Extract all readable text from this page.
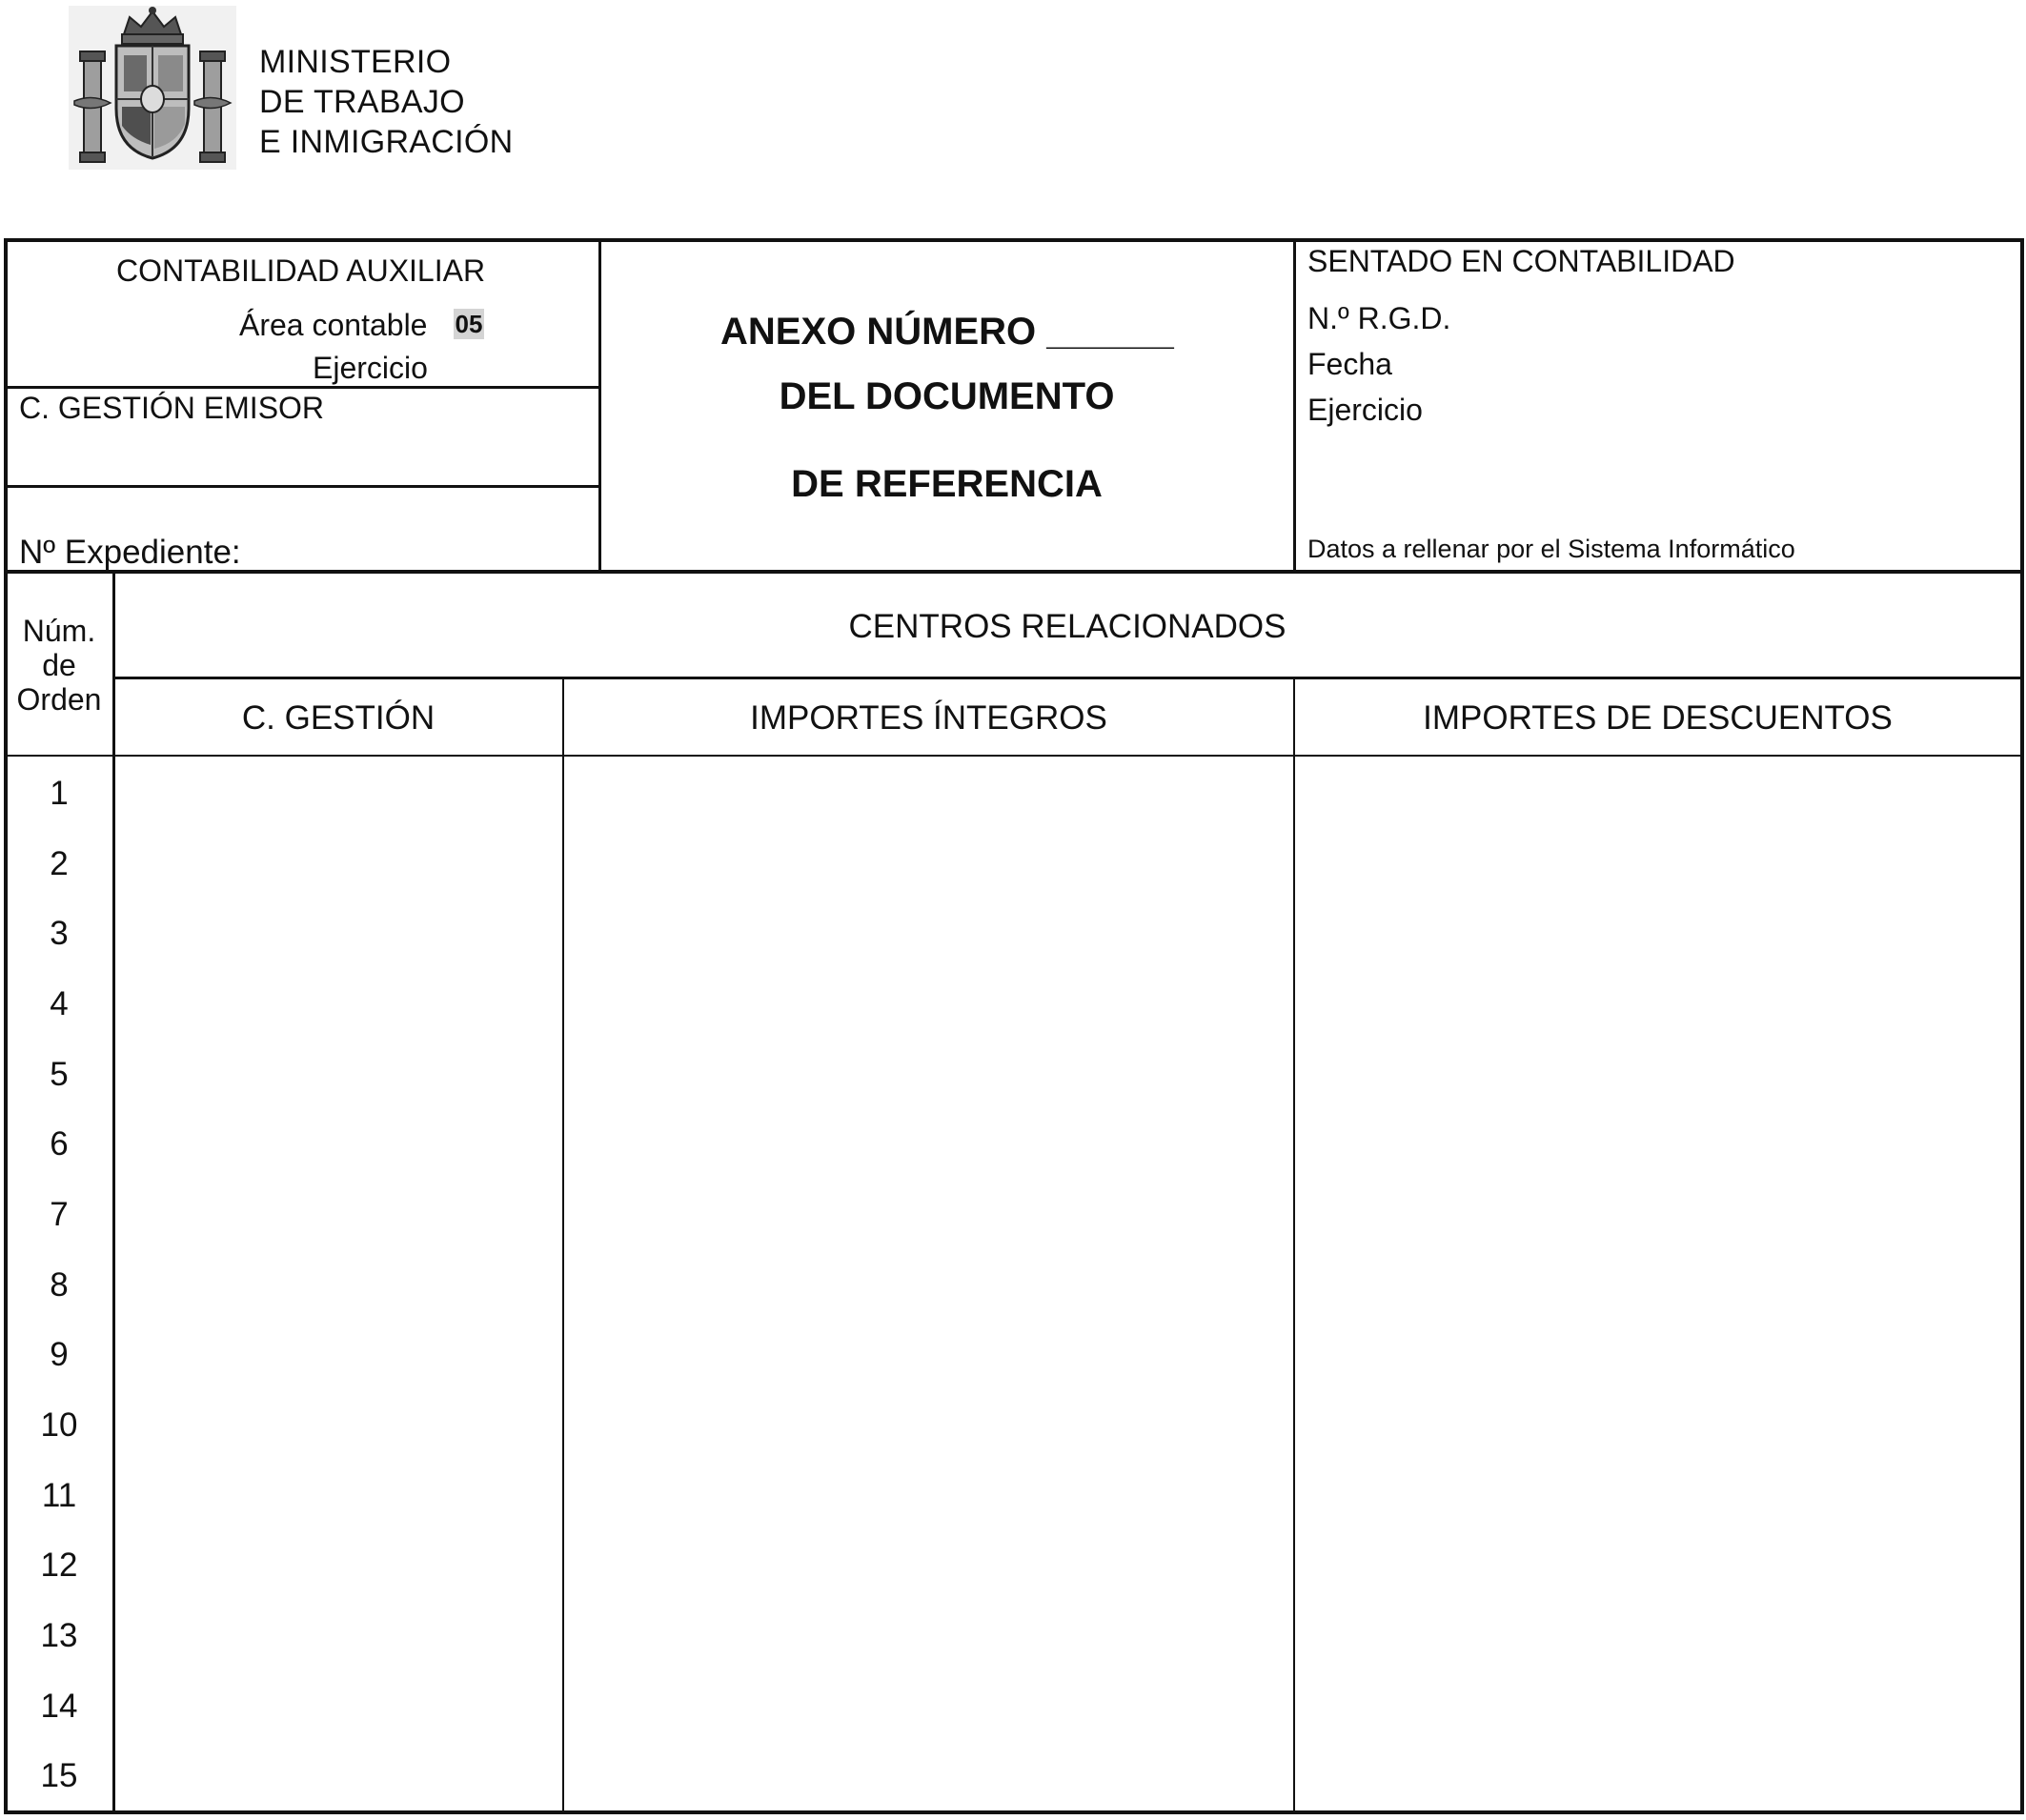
MINISTERIO
DE TRABAJO
E INMIGRACIÓN
CONTABILIDAD AUXILIAR
Área contable 05
Ejercicio
C. GESTIÓN EMISOR
Nº Expediente:
ANEXO NÚMERO ______
DEL DOCUMENTO
DE REFERENCIA
SENTADO EN CONTABILIDAD
N.º R.G.D.
Fecha
Ejercicio
Datos a rellenar por el Sistema Informático
Núm.
de
Orden
CENTROS RELACIONADOS
C. GESTIÓN	IMPORTES ÍNTEGROS	IMPORTES DE DESCUENTOS
1
2
3
4
5
6
7
8
9
10
11
12
13
14
15
